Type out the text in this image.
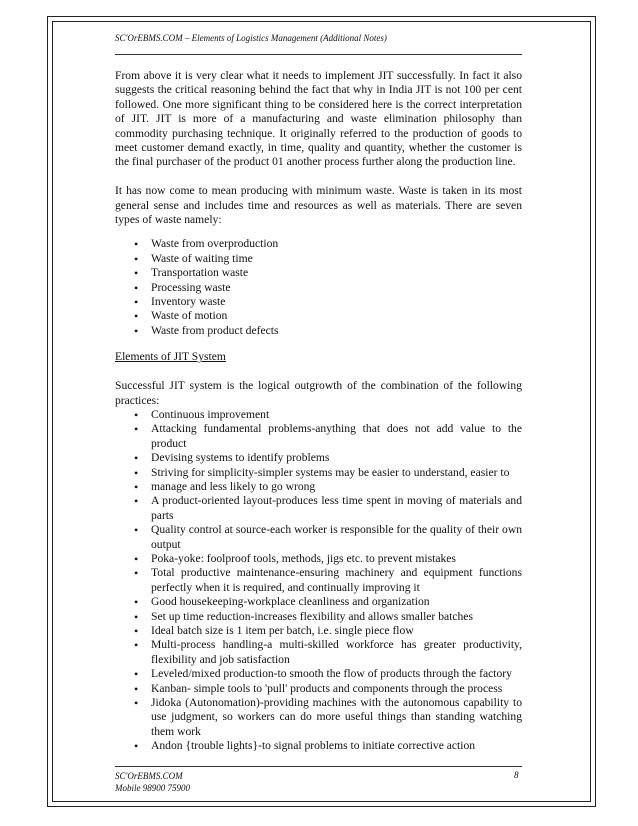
SC'OrEBMS.COM – Elements of Logistics Management (Additional Notes)

From above it is very clear what it needs to implement JIT successfully. In fact it also suggests the critical reasoning behind the fact that why in India JIT is not 100 per cent followed. One more significant thing to be considered here is the correct interpretation of JIT. JIT is more of a manufacturing and waste elimination philosophy than commodity purchasing technique. It originally referred to the production of goods to meet customer demand exactly, in time, quality and quantity, whether the customer is the final purchaser of the product 01 another process further along the production line.

It has now come to mean producing with minimum waste. Waste is taken in its most general sense and includes time and resources as well as materials. There are seven types of waste namely:

• Waste from overproduction
• Waste of waiting time
• Transportation waste
• Processing waste
• Inventory waste
• Waste of motion
• Waste from product defects
Elements of JIT System

Successful JIT system is the logical outgrowth of the combination of the following practices:

• Continuous improvement
• Attacking fundamental problems-anything that does not add value to the product
• Devising systems to identify problems
• Striving for simplicity-simpler systems may be easier to understand, easier to
• manage and less likely to go wrong
• A product-oriented layout-produces less time spent in moving of materials and parts
• Quality control at source-each worker is responsible for the quality of their own output
• Poka-yoke: foolproof tools, methods, jigs etc. to prevent mistakes
• Total productive maintenance-ensuring machinery and equipment functions perfectly when it is required, and continually improving it
• Good housekeeping-workplace cleanliness and organization
• Set up time reduction-increases flexibility and allows smaller batches
• Ideal batch size is 1 item per batch, i.e. single piece flow
• Multi-process handling-a multi-skilled workforce has greater productivity, flexibility and job satisfaction
• Leveled/mixed production-to smooth the flow of products through the factory
• Kanban- simple tools to 'pull' products and components through the process
• Jidoka (Autonomation)-providing machines with the autonomous capability to use judgment, so workers can do more useful things than standing watching them work
• Andon {trouble lights}-to signal problems to initiate corrective action
SC'OrEBMS.COM
Mobile 98900 75900
8
